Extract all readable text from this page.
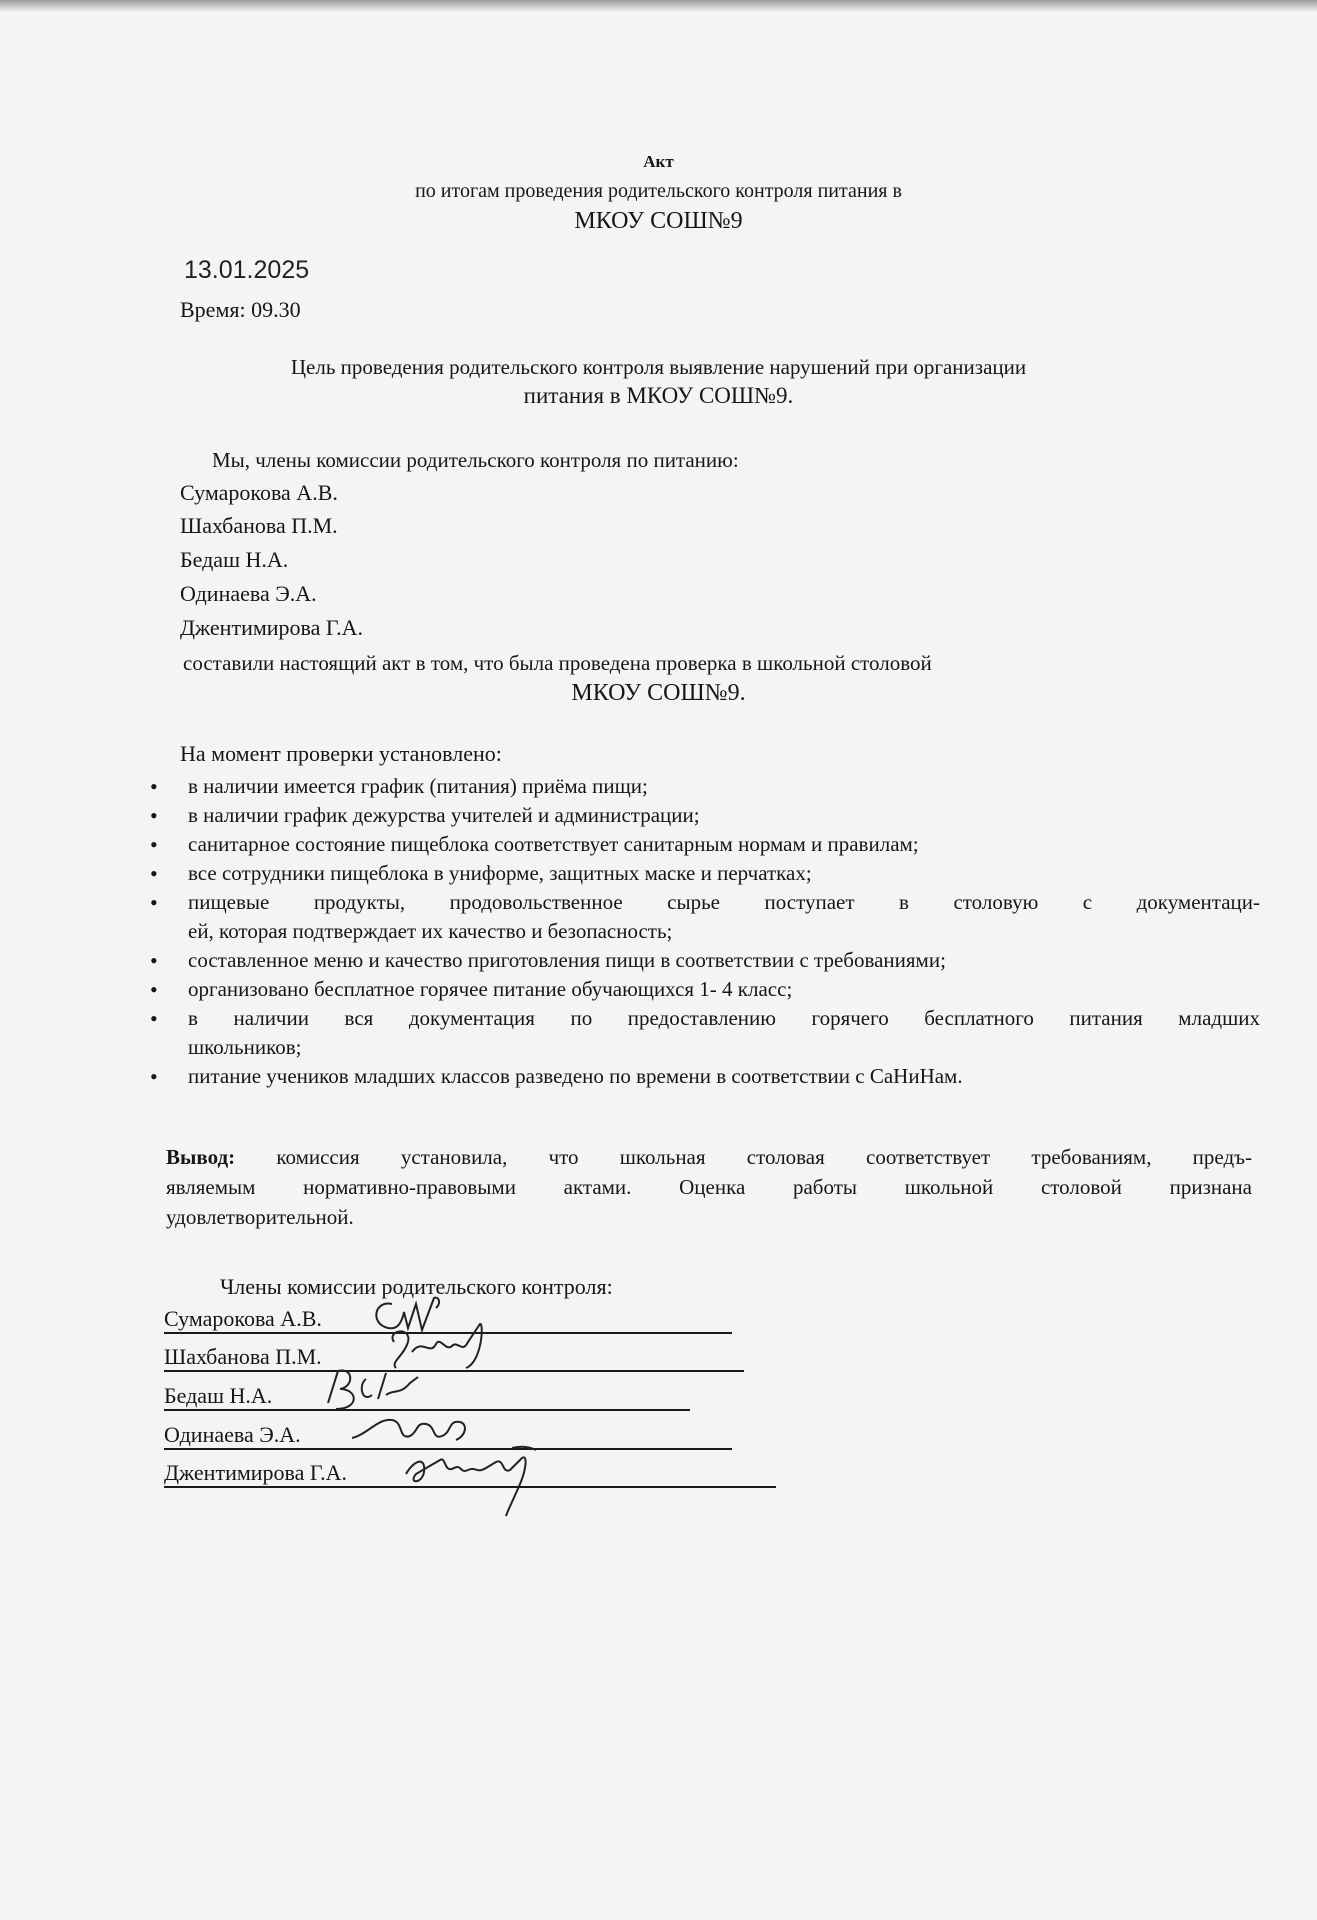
Акт
по итогам проведения родительского контроля питания в
МКОУ СОШ№9
13.01.2025
Время: 09.30
Цель проведения родительского контроля выявление нарушений при организации
питания в МКОУ СОШ№9.
Мы, члены комиссии родительского контроля по питанию:
Сумарокова А.В.
Шахбанова П.М.
Бедаш Н.А.
Одинаева Э.А.
Джентимирова Г.А.
составили настоящий акт в том, что была проведена проверка в школьной столовой
МКОУ СОШ№9.
На момент проверки установлено:
• в наличии имеется график (питания) приёма пищи;
• в наличии график дежурства учителей и администрации;
• санитарное состояние пищеблока соответствует санитарным нормам и правилам;
• все сотрудники пищеблока в униформе, защитных маске и перчатках;
• пищевые продукты, продовольственное сырье поступает в столовую с документаци-
ей, которая подтверждает их качество и безопасность;
• составленное меню и качество приготовления пищи в соответствии с требованиями;
• организовано бесплатное горячее питание обучающихся 1- 4 класс;
• в наличии вся документация по предоставлению горячего бесплатного питания младших
школьников;
• питание учеников младших классов разведено по времени в соответствии с СаНиНам.
Вывод: комиссия установила, что школьная столовая соответствует требованиям, предъ-
являемым нормативно-правовыми актами. Оценка работы школьной столовой признана
удовлетворительной.
Члены комиссии родительского контроля:
Сумарокова А.В.
Шахбанова П.М.
Бедаш Н.А.
Одинаева Э.А.
Джентимирова Г.А.
